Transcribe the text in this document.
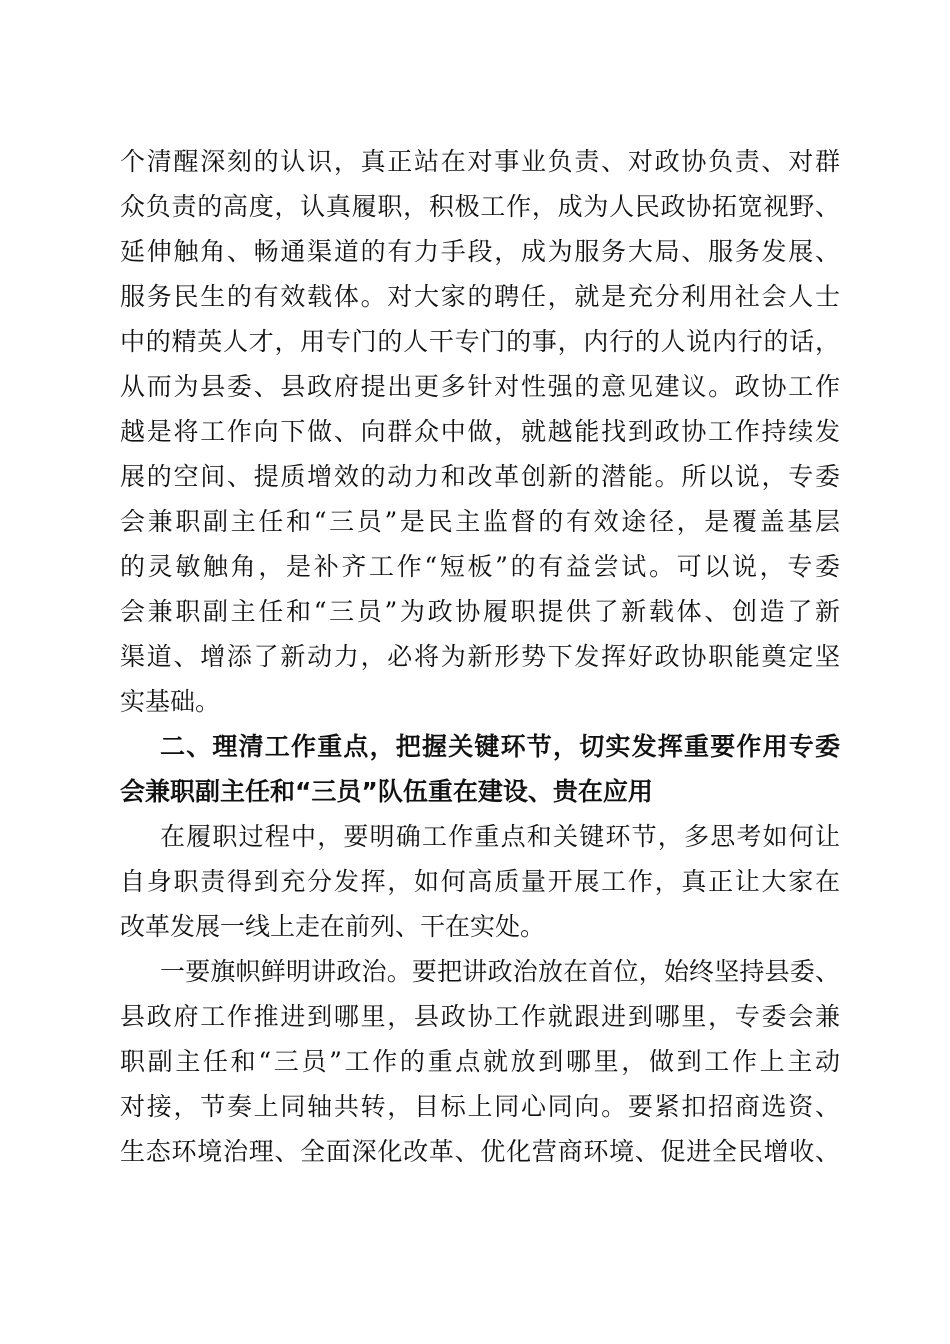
个清醒深刻的认识，真正站在对事业负责、对政协负责、对群
众负责的高度，认真履职，积极工作，成为人民政协拓宽视野、
延伸触角、畅通渠道的有力手段，成为服务大局、服务发展、
服务民生的有效载体。对大家的聘任，就是充分利用社会人士
中的精英人才，用专门的人干专门的事，内行的人说内行的话，
从而为县委、县政府提出更多针对性强的意见建议。政协工作
越是将工作向下做、向群众中做，就越能找到政协工作持续发
展的空间、提质增效的动力和改革创新的潜能。所以说，专委
会兼职副主任和“三员”是民主监督的有效途径，是覆盖基层
的灵敏触角，是补齐工作“短板”的有益尝试。可以说，专委
会兼职副主任和“三员”为政协履职提供了新载体、创造了新
渠道、增添了新动力，必将为新形势下发挥好政协职能奠定坚
实基础。
二、理清工作重点，把握关键环节，切实发挥重要作用专委
会兼职副主任和“三员”队伍重在建设、贵在应用
在履职过程中，要明确工作重点和关键环节，多思考如何让
自身职责得到充分发挥，如何高质量开展工作，真正让大家在
改革发展一线上走在前列、干在实处。
一要旗帜鲜明讲政治。要把讲政治放在首位，始终坚持县委、
县政府工作推进到哪里，县政协工作就跟进到哪里，专委会兼
职副主任和“三员”工作的重点就放到哪里，做到工作上主动
对接，节奏上同轴共转，目标上同心同向。要紧扣招商选资、
生态环境治理、全面深化改革、优化营商环境、促进全民增收、
